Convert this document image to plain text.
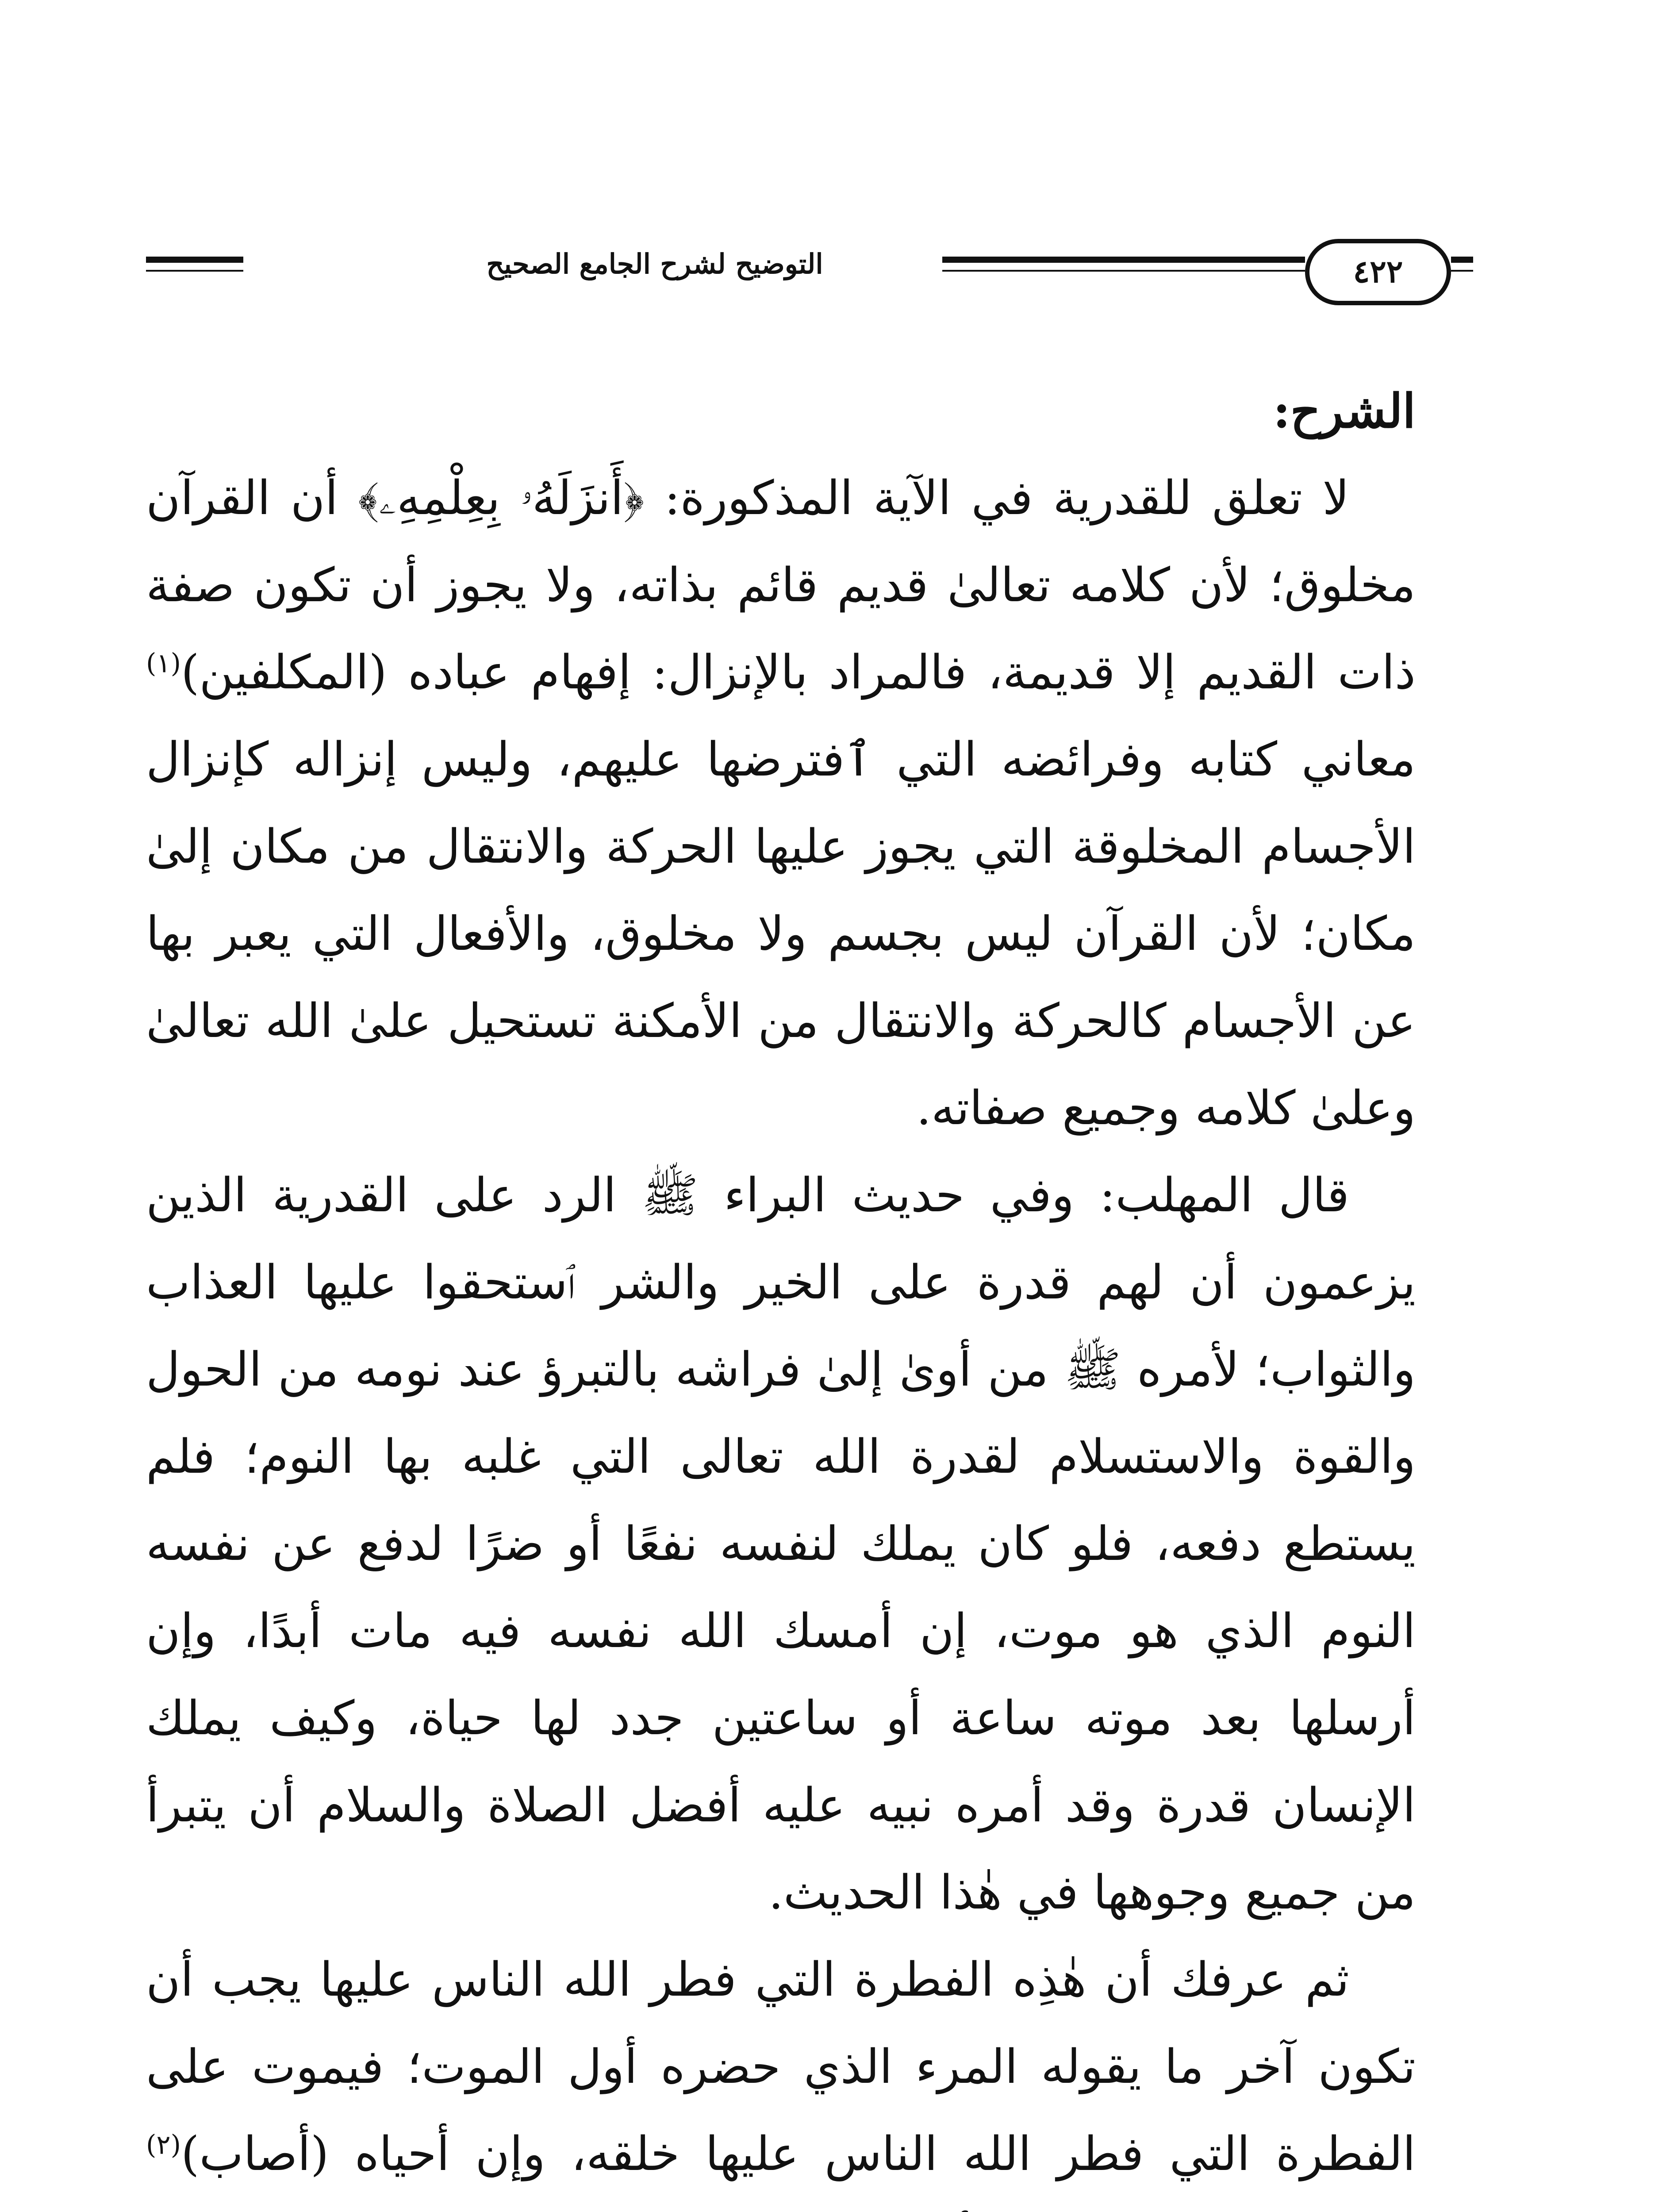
التوضيح لشرح الجامع الصحيح	٤٢٢

الشرح:

لا تعلق للقدرية في الآية المذكورة: ﴿أَنزَلَهُۥ بِعِلْمِهِۦ﴾ أن القرآن مخلوق؛ لأن كلامه تعالىٰ قديم قائم بذاته، ولا يجوز أن تكون صفة ذات القديم إلا قديمة، فالمراد بالإنزال: إفهام عباده (المكلفين)$^{(١)}$ معاني كتابه وفرائضه التي ٱفترضها عليهم، وليس إنزاله كإنزال الأجسام المخلوقة التي يجوز عليها الحركة والانتقال من مكان إلىٰ مكان؛ لأن القرآن ليس بجسم ولا مخلوق، والأفعال التي يعبر بها عن الأجسام كالحركة والانتقال من الأمكنة تستحيل علىٰ الله تعالىٰ وعلىٰ كلامه وجميع صفاته.

قال المهلب: وفي حديث البراء ﷺ الرد على القدرية الذين يزعمون أن لهم قدرة على الخير والشر ٱستحقوا عليها العذاب والثواب؛ لأمره ﷺ من أوىٰ إلىٰ فراشه بالتبرؤ عند نومه من الحول والقوة والاستسلام لقدرة الله تعالى التي غلبه بها النوم؛ فلم يستطع دفعه، فلو كان يملك لنفسه نفعًا أو ضرًا لدفع عن نفسه النوم الذي هو موت، إن أمسك الله نفسه فيه مات أبدًا، وإن أرسلها بعد موته ساعة أو ساعتين جدد لها حياة، وكيف يملك الإنسان قدرة وقد أمره نبيه عليه أفضل الصلاة والسلام أن يتبرأ من جميع وجوهها في هٰذا الحديث.

ثم عرفك أن هٰذِه الفطرة التي فطر الله الناس عليها يجب أن تكون آخر ما يقوله المرء الذي حضره أول الموت؛ فيموت على الفطرة التي فطر الله الناس عليها خلقه، وإن أحياه (أصاب)$^{(٢)}$
